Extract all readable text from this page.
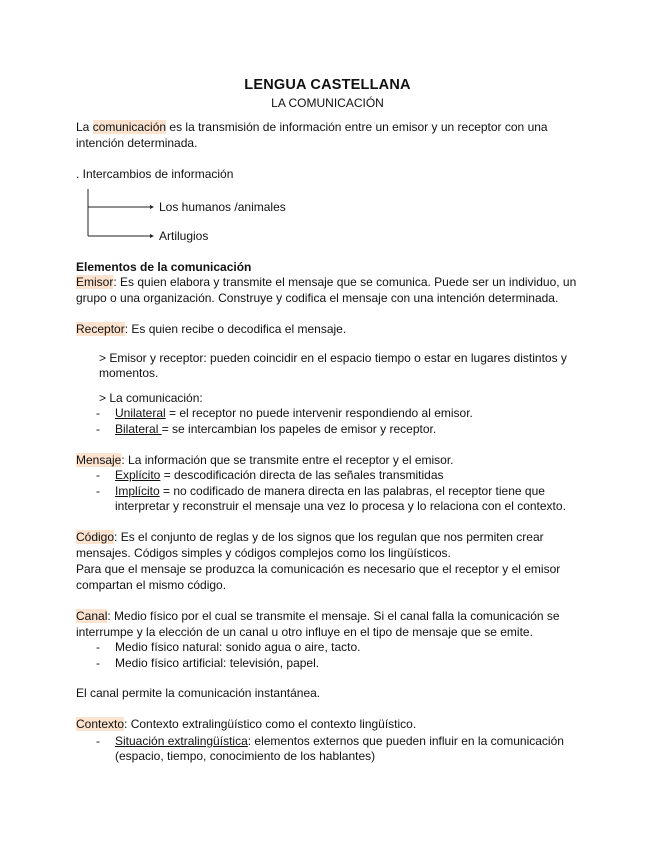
LENGUA CASTELLANA
LA COMUNICACIÓN
La comunicación es la transmisión de información entre un emisor y un receptor con una
intención determinada.
. Intercambios de información
Los humanos /animales
Artilugios
Elementos de la comunicación
Emisor: Es quien elabora y transmite el mensaje que se comunica. Puede ser un individuo, un
grupo o una organización. Construye y codifica el mensaje con una intención determinada.
Receptor: Es quien recibe o decodifica el mensaje.
> Emisor y receptor: pueden coincidir en el espacio tiempo o estar en lugares distintos y
momentos.
> La comunicación:
- Unilateral = el receptor no puede intervenir respondiendo al emisor.
- Bilateral = se intercambian los papeles de emisor y receptor.
Mensaje: La información que se transmite entre el receptor y el emisor.
- Explícito = descodificación directa de las señales transmitidas
- Implícito = no codificado de manera directa en las palabras, el receptor tiene que
interpretar y reconstruir el mensaje una vez lo procesa y lo relaciona con el contexto.
Código: Es el conjunto de reglas y de los signos que los regulan que nos permiten crear
mensajes. Códigos simples y códigos complejos como los lingüísticos.
Para que el mensaje se produzca la comunicación es necesario que el receptor y el emisor
compartan el mismo código.
Canal: Medio físico por el cual se transmite el mensaje. Si el canal falla la comunicación se
interrumpe y la elección de un canal u otro influye en el tipo de mensaje que se emite.
- Medio físico natural: sonido agua o aire, tacto.
- Medio físico artificial: televisión, papel.
El canal permite la comunicación instantánea.
Contexto: Contexto extralingüístico como el contexto lingüístico.
- Situación extralingüística: elementos externos que pueden influir en la comunicación
(espacio, tiempo, conocimiento de los hablantes)
